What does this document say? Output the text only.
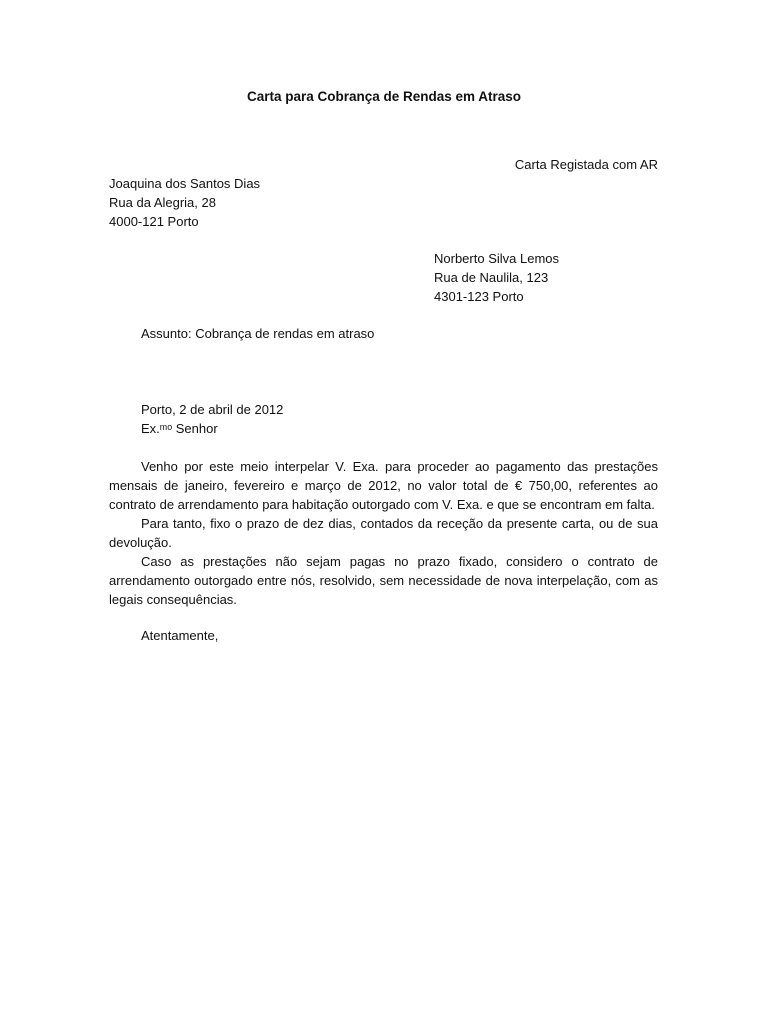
Carta para Cobrança de Rendas em Atraso
Carta Registada com AR
Joaquina dos Santos Dias
Rua da Alegria, 28
4000-121 Porto
Norberto Silva Lemos
Rua de Naulila, 123
4301-123 Porto
Assunto: Cobrança de rendas em atraso
Porto, 2 de abril de 2012
Ex.ᵐᵒ Senhor

Venho por este meio interpelar V. Exa. para proceder ao pagamento das prestações mensais de janeiro, fevereiro e março de 2012, no valor total de € 750,00, referentes ao contrato de arrendamento para habitação outorgado com V. Exa. e que se encontram em falta.

Para tanto, fixo o prazo de dez dias, contados da receção da presente carta, ou de sua devolução.

Caso as prestações não sejam pagas no prazo fixado, considero o contrato de arrendamento outorgado entre nós, resolvido, sem necessidade de nova interpelação, com as legais consequências.

Atentamente,
